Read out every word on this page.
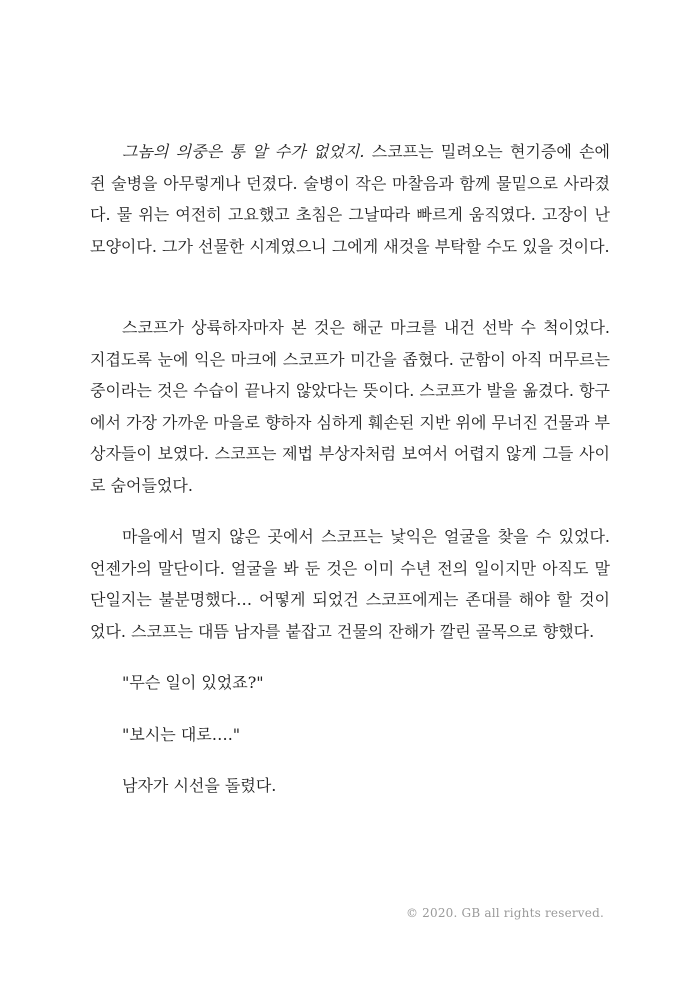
그놈의 의중은 통 알 수가 없었지. 스코프는 밀려오는 현기증에 손에 쥔 술병을 아무렇게나 던졌다. 술병이 작은 마찰음과 함께 물밑으로 사라졌다. 물 위는 여전히 고요했고 초침은 그날따라 빠르게 움직였다. 고장이 난 모양이다. 그가 선물한 시계였으니 그에게 새것을 부탁할 수도 있을 것이다.

스코프가 상륙하자마자 본 것은 해군 마크를 내건 선박 수 척이었다. 지겹도록 눈에 익은 마크에 스코프가 미간을 좁혔다. 군함이 아직 머무르는 중이라는 것은 수습이 끝나지 않았다는 뜻이다. 스코프가 발을 옮겼다. 항구에서 가장 가까운 마을로 향하자 심하게 훼손된 지반 위에 무너진 건물과 부상자들이 보였다. 스코프는 제법 부상자처럼 보여서 어렵지 않게 그들 사이로 숨어들었다.

마을에서 멀지 않은 곳에서 스코프는 낯익은 얼굴을 찾을 수 있었다. 언젠가의 말단이다. 얼굴을 봐 둔 것은 이미 수년 전의 일이지만 아직도 말단일지는 불분명했다… 어떻게 되었건 스코프에게는 존대를 해야 할 것이었다. 스코프는 대뜸 남자를 붙잡고 건물의 잔해가 깔린 골목으로 향했다.

"무슨 일이 있었죠?"

"보시는 대로…."

남자가 시선을 돌렸다.

© 2020. GB all rights reserved.
